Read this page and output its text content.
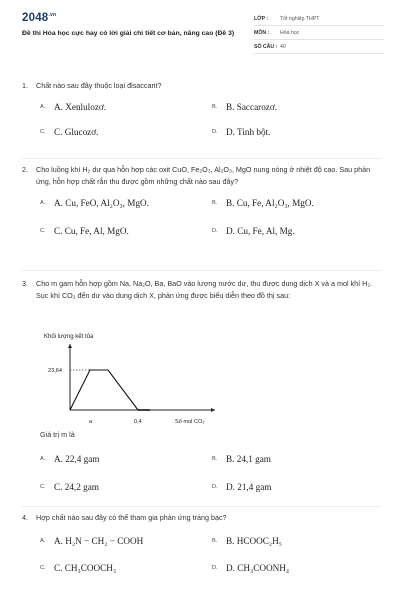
$2048^{.vn}$
Đề thi Hóa học cực hay có lời giải chi tiết cơ bản, nâng cao (Đề 3)
LỚP :	Tốt nghiệp THPT
MÔN :	Hóa học
SỐ CÂU : 40
1.	Chất nào sau đây thuộc loại đisaccarit?
A. A. Xenlulozơ.	B. B. Saccarozơ.
C. C. Glucozơ.	D. D. Tinh bột.
2.	Cho luồng khí H₂ dư qua hỗn hợp các oxit CuO, Fe₂O₃, Al₂O₃, MgO nung nóng ở nhiệt độ cao. Sau phản ứng, hỗn hợp chất rắn thu được gồm những chất nào sau đây?
A. A. Cu, FeO, Al₂O₃, MgO.	B. B. Cu, Fe, Al₂O₃, MgO.
C. C. Cu, Fe, Al, MgO.	D. D. Cu, Fe, Al, Mg.
3.	Cho m gam hỗn hợp gồm Na, Na₂O, Ba, BaO vào lượng nước dư, thu được dung dịch X và a mol khí H₂. Sục khí CO₂ đến dư vào dung dịch X, phản ứng được biểu diễn theo đồ thị sau:
Khối lượng kết tủa
Số mol CO₂
23,64
a	0,4
Giá trị m là
A. A. 22,4 gam	B. B. 24,1 gam
C. C. 24,2 gam	D. D. 21,4 gam
4.	Hợp chất nào sau đây có thể tham gia phản ứng tráng bạc?
A. A. H₂N − CH₂ − COOH	B. B. HCOOC₂H₅
C. C. CH₃COOCH₃	D. D. CH₃COONH₄
